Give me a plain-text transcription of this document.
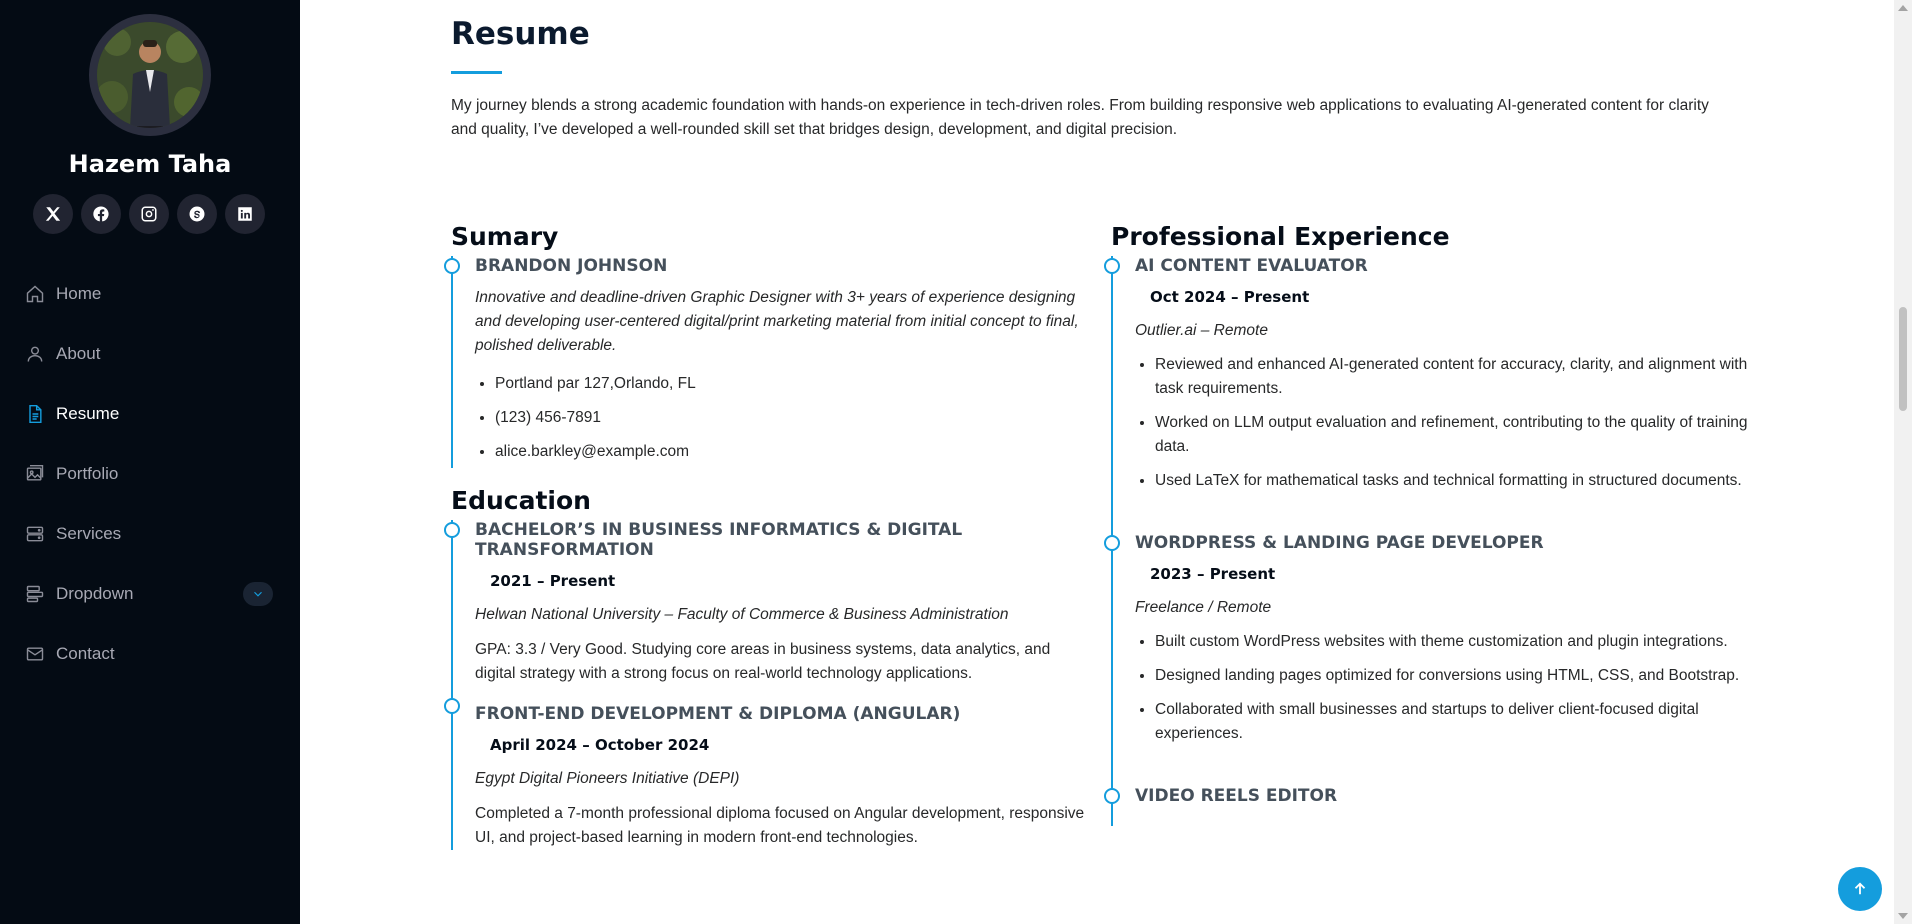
Hazem Taha
Home
About
Resume
Portfolio
Services
Dropdown
Contact
Resume

My journey blends a strong academic foundation with hands-on experience in tech-driven roles. From building responsive web applications to evaluating AI-generated content for clarity and quality, I’ve developed a well-rounded skill set that bridges design, development, and digital precision.

Sumary
BRANDON JOHNSON

Innovative and deadline-driven Graphic Designer with 3+ years of experience designing and developing user-centered digital/print marketing material from initial concept to final, polished deliverable.

• Portland par 127,Orlando, FL
• (123) 456-7891
• alice.barkley@example.com
Education
BACHELOR’S IN BUSINESS INFORMATICS & DIGITAL TRANSFORMATION
2021 – Present

Helwan National University – Faculty of Commerce & Business Administration

GPA: 3.3 / Very Good. Studying core areas in business systems, data analytics, and digital strategy with a strong focus on real-world technology applications.

FRONT-END DEVELOPMENT & DIPLOMA (ANGULAR)
April 2024 – October 2024

Egypt Digital Pioneers Initiative (DEPI)

Completed a 7-month professional diploma focused on Angular development, responsive UI, and project-based learning in modern front-end technologies.

Professional Experience
AI CONTENT EVALUATOR
Oct 2024 – Present

Outlier.ai – Remote

• Reviewed and enhanced AI-generated content for accuracy, clarity, and alignment with task requirements.
• Worked on LLM output evaluation and refinement, contributing to the quality of training data.
• Used LaTeX for mathematical tasks and technical formatting in structured documents.
WORDPRESS & LANDING PAGE DEVELOPER
2023 – Present

Freelance / Remote

• Built custom WordPress websites with theme customization and plugin integrations.
• Designed landing pages optimized for conversions using HTML, CSS, and Bootstrap.
• Collaborated with small businesses and startups to deliver client-focused digital experiences.
VIDEO REELS EDITOR
